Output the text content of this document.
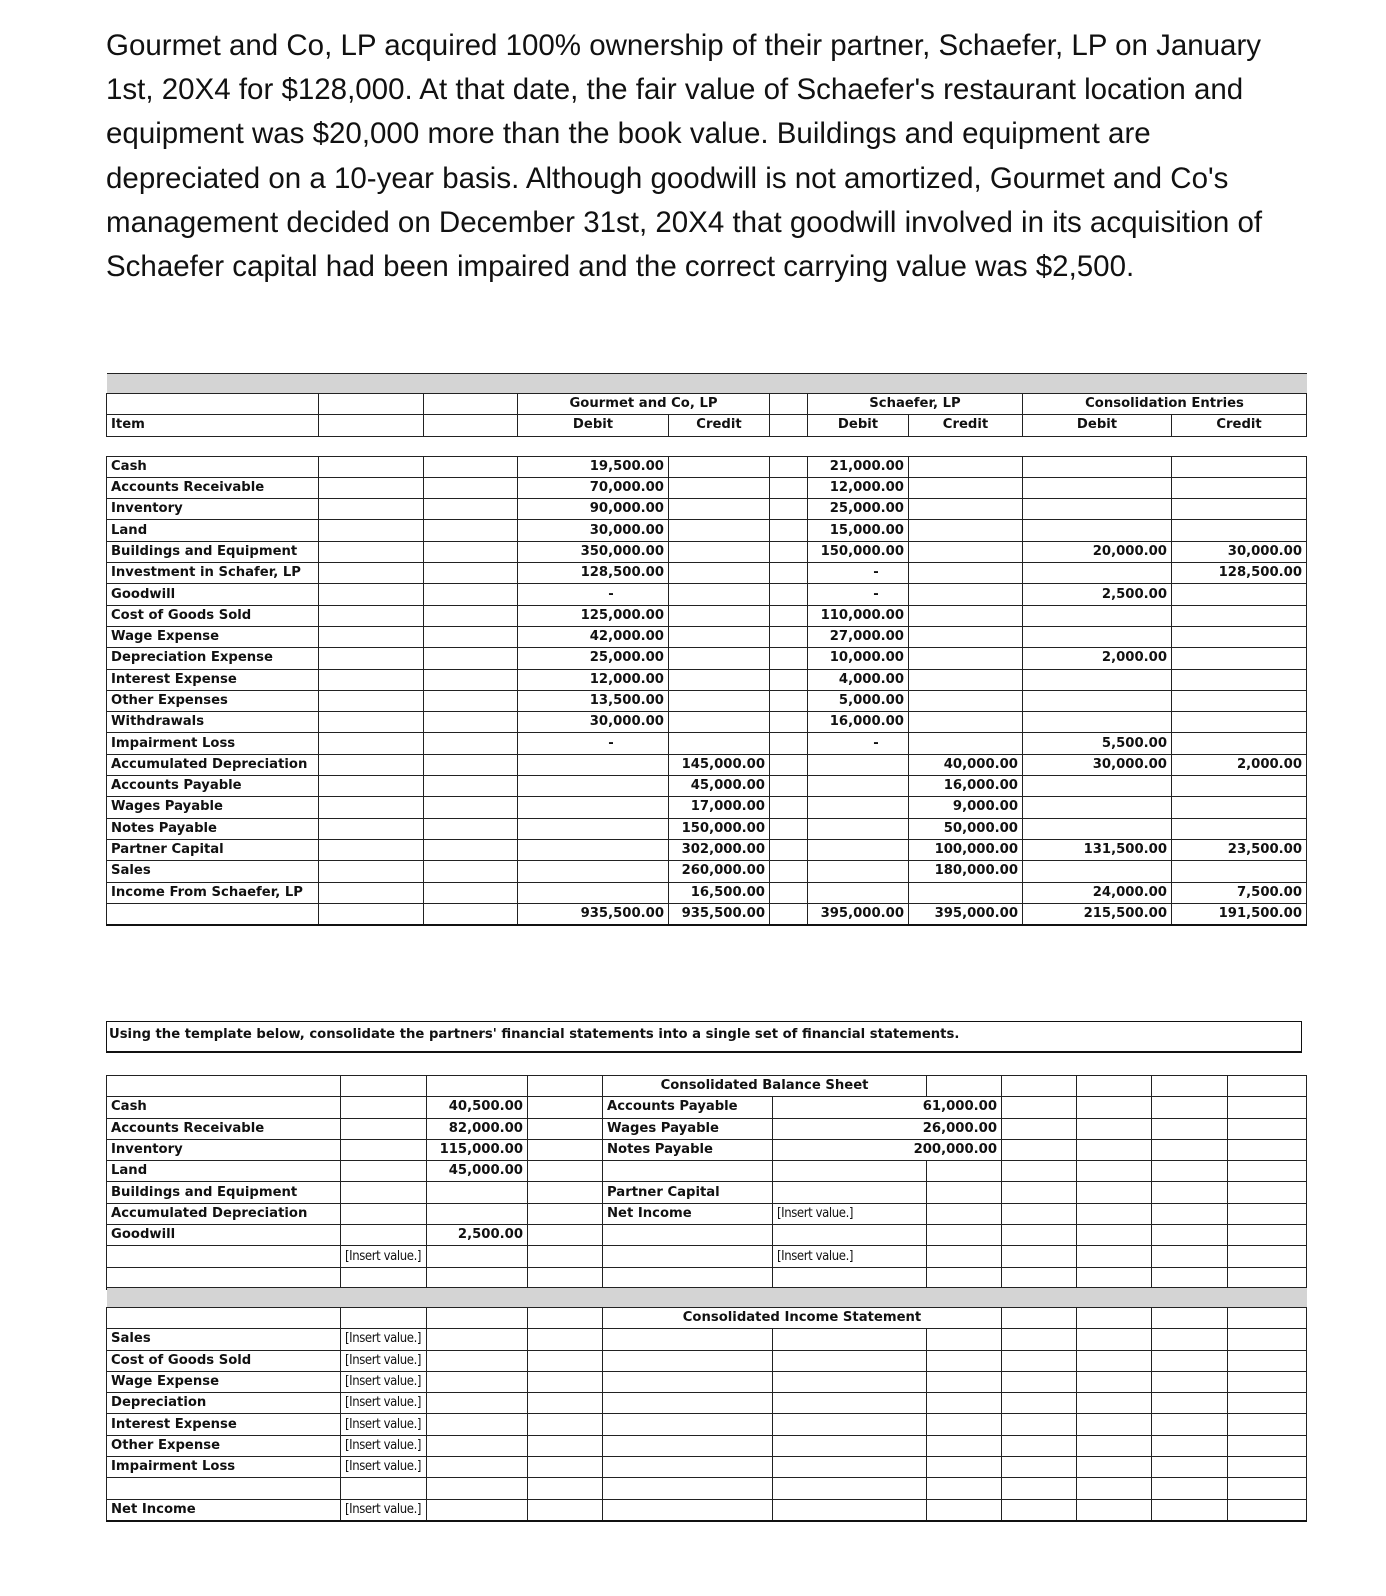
Gourmet and Co, LP acquired 100% ownership of their partner, Schaefer, LP on January 1st, 20X4 for $128,000. At that date, the fair value of Schaefer's restaurant location and equipment was $20,000 more than the book value. Buildings and equipment are depreciated on a 10-year basis. Although goodwill is not amortized, Gourmet and Co's management decided on December 31st, 20X4 that goodwill involved in its acquisition of Schaefer capital had been impaired and the correct carrying value was $2,500.

			Gourmet and Co, LP			Schaefer, LP		Consolidation Entries	
Item			Debit	Credit		Debit	Credit	Debit	Credit

Cash			19,500.00			21,000.00			
Accounts Receivable			70,000.00			12,000.00			
Inventory			90,000.00			25,000.00			
Land			30,000.00			15,000.00			
Buildings and Equipment			350,000.00			150,000.00		20,000.00	30,000.00
Investment in Schafer, LP			128,500.00			-			128,500.00
Goodwill			-			-		2,500.00	
Cost of Goods Sold			125,000.00			110,000.00			
Wage Expense			42,000.00			27,000.00			
Depreciation Expense			25,000.00			10,000.00		2,000.00	
Interest Expense			12,000.00			4,000.00			
Other Expenses			13,500.00			5,000.00			
Withdrawals			30,000.00			16,000.00			
Impairment Loss			-			-		5,500.00	
Accumulated Depreciation				145,000.00			40,000.00	30,000.00	2,000.00
Accounts Payable				45,000.00			16,000.00		
Wages Payable				17,000.00			9,000.00		
Notes Payable				150,000.00			50,000.00		
Partner Capital				302,000.00			100,000.00	131,500.00	23,500.00
Sales				260,000.00			180,000.00		
Income From Schaefer, LP				16,500.00				24,000.00	7,500.00
			935,500.00	935,500.00		395,000.00	395,000.00	215,500.00	191,500.00
Using the template below, consolidate the partners' financial statements into a single set of financial statements.
				Consolidated Balance Sheet							
Cash		40,500.00		Accounts Payable	61,000.00					
Accounts Receivable		82,000.00		Wages Payable	26,000.00						
Inventory		115,000.00		Notes Payable	200,000.00						
Land		45,000.00									
Buildings and Equipment				Partner Capital							
Accumulated Depreciation				Net Income	[Insert value.]						
Goodwill		2,500.00									
	[Insert value.]				[Insert value.]						

				Consolidated Income Statement						
Sales	[Insert value.]									
Cost of Goods Sold	[Insert value.]									
Wage Expense	[Insert value.]									
Depreciation	[Insert value.]									
Interest Expense	[Insert value.]									
Other Expense	[Insert value.]									
Impairment Loss	[Insert value.]									

Net Income	[Insert value.]									
